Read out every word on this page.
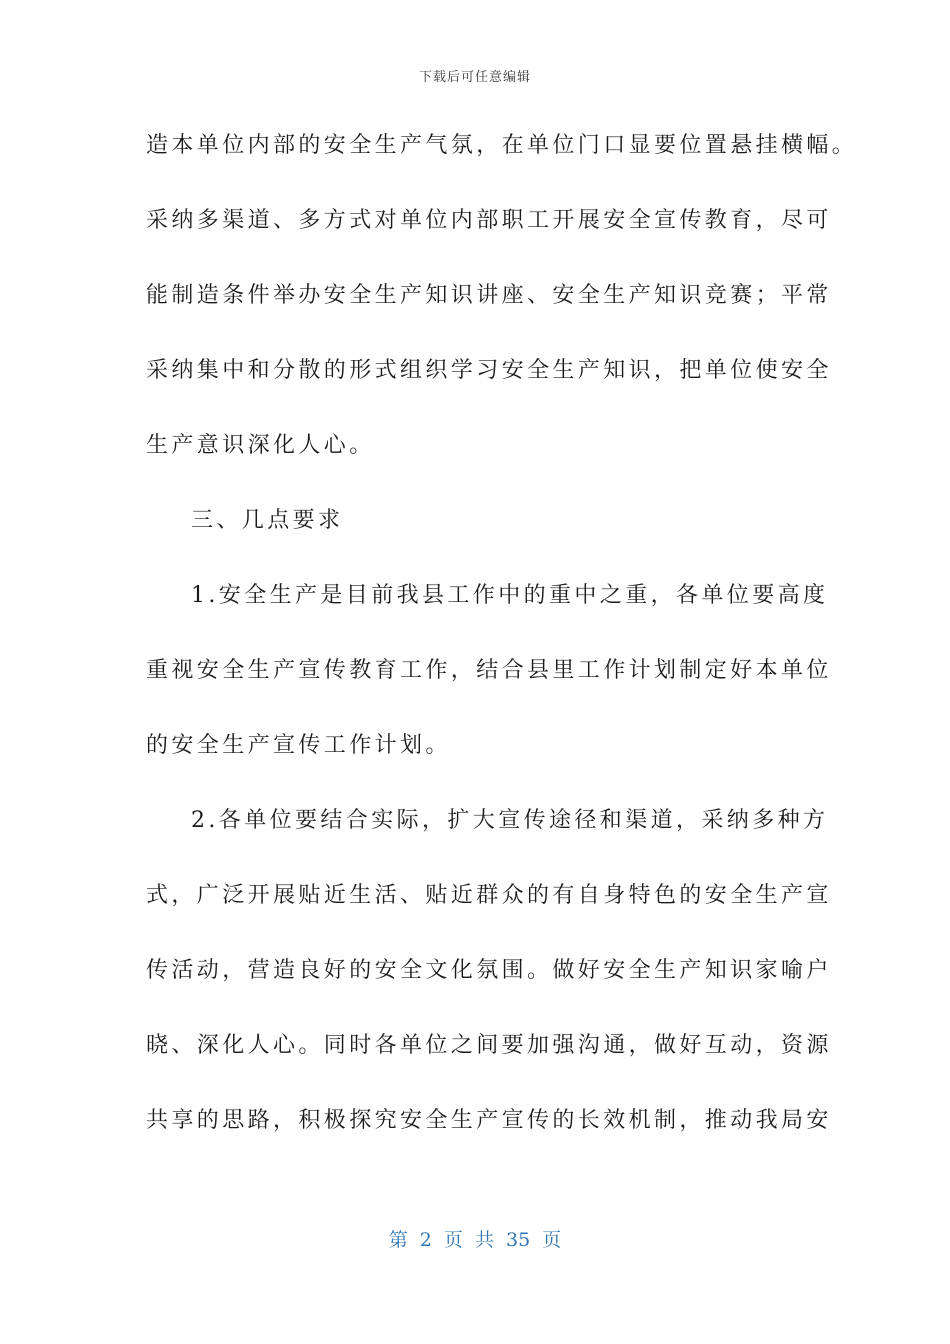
下载后可任意编辑
造本单位内部的安全生产气氛，在单位门口显要位置悬挂横幅。
采纳多渠道、多方式对单位内部职工开展安全宣传教育，尽可
能制造条件举办安全生产知识讲座、安全生产知识竞赛；平常
采纳集中和分散的形式组织学习安全生产知识，把单位使安全
生产意识深化人心。
三、几点要求
1.安全生产是目前我县工作中的重中之重，各单位要高度
重视安全生产宣传教育工作，结合县里工作计划制定好本单位
的安全生产宣传工作计划。
2.各单位要结合实际，扩大宣传途径和渠道，采纳多种方
式，广泛开展贴近生活、贴近群众的有自身特色的安全生产宣
传活动，营造良好的安全文化氛围。做好安全生产知识家喻户
晓、深化人心。同时各单位之间要加强沟通，做好互动，资源
共享的思路，积极探究安全生产宣传的长效机制，推动我局安
第 2 页 共 35 页
